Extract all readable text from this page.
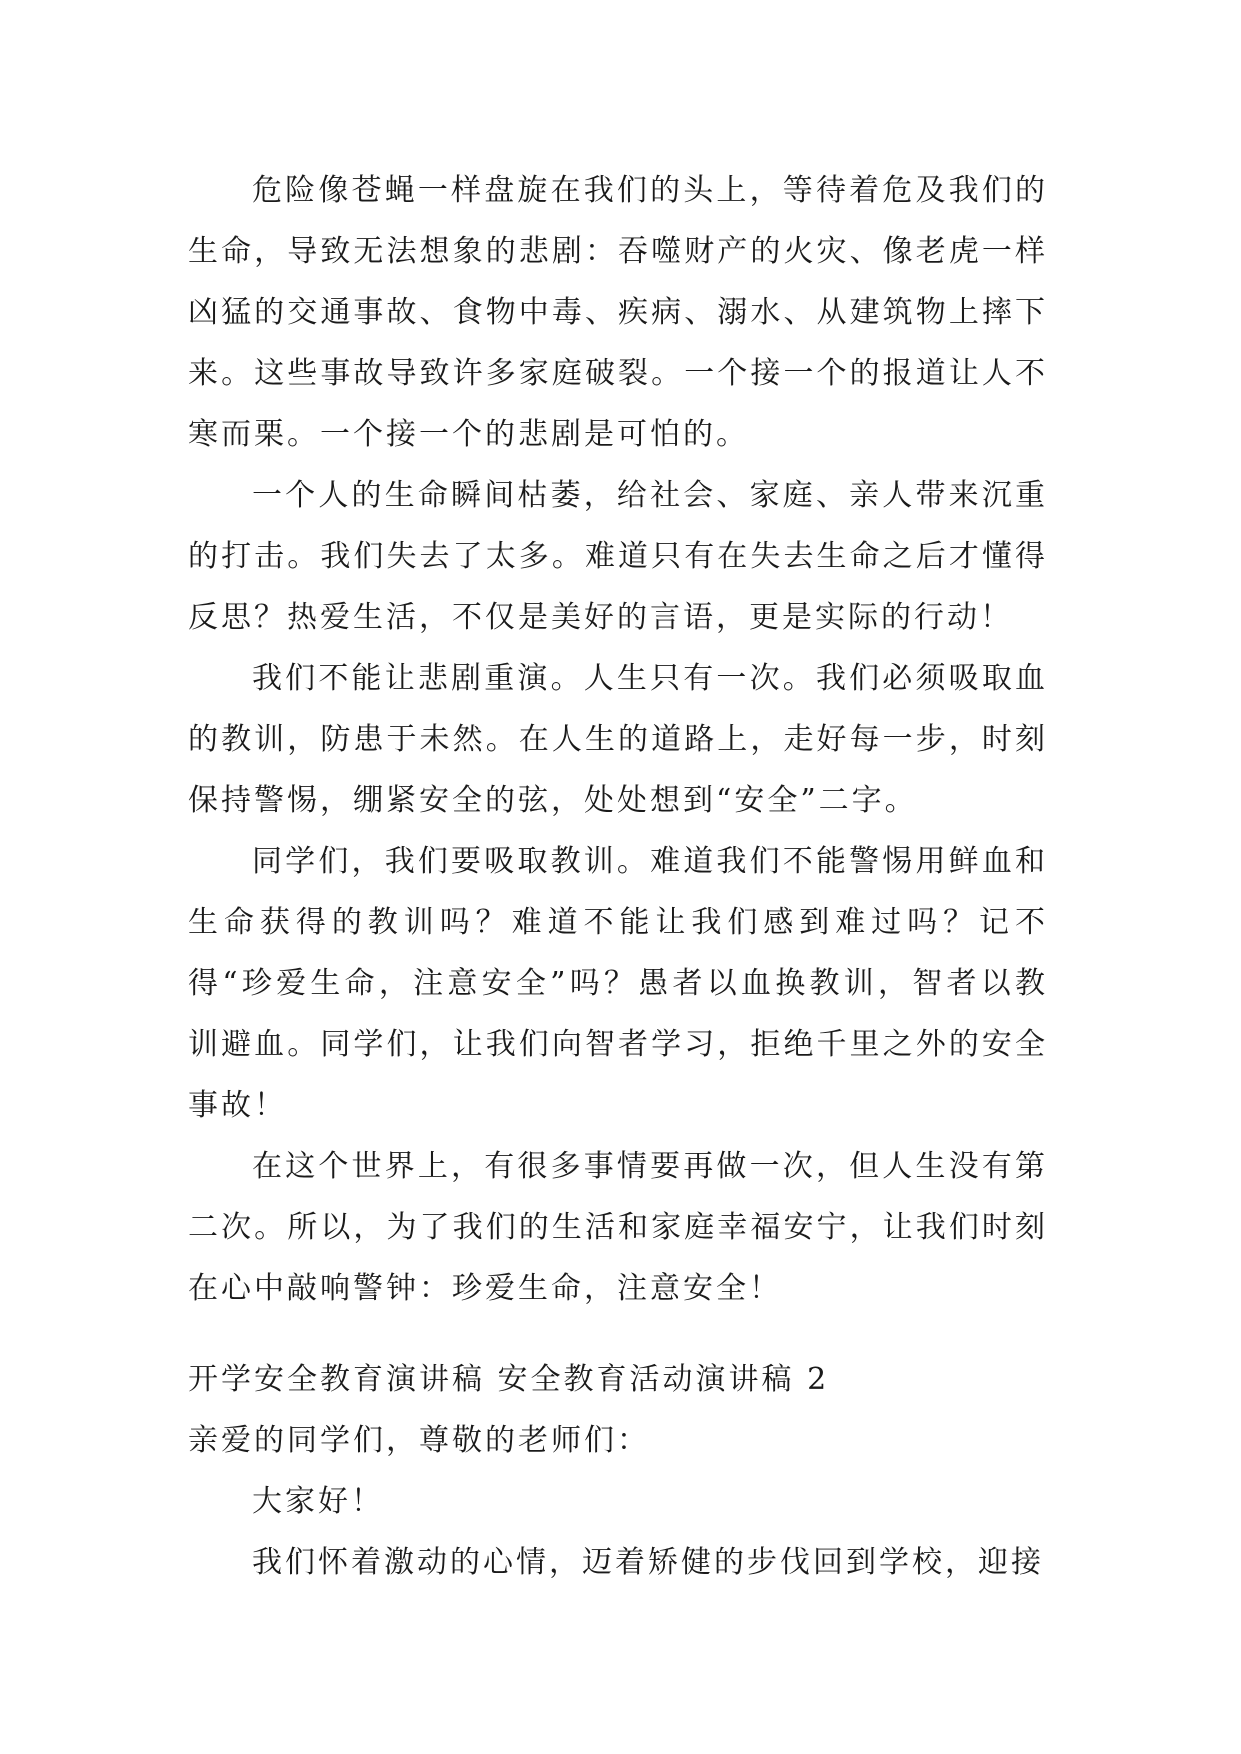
危险像苍蝇一样盘旋在我们的头上，等待着危及我们的生命，导致无法想象的悲剧：吞噬财产的火灾、像老虎一样凶猛的交通事故、食物中毒、疾病、溺水、从建筑物上摔下来。这些事故导致许多家庭破裂。一个接一个的报道让人不寒而栗。一个接一个的悲剧是可怕的。

一个人的生命瞬间枯萎，给社会、家庭、亲人带来沉重的打击。我们失去了太多。难道只有在失去生命之后才懂得反思？热爱生活，不仅是美好的言语，更是实际的行动！

我们不能让悲剧重演。人生只有一次。我们必须吸取血的教训，防患于未然。在人生的道路上，走好每一步，时刻保持警惕，绷紧安全的弦，处处想到“安全”二字。

同学们，我们要吸取教训。难道我们不能警惕用鲜血和生命获得的教训吗？难道不能让我们感到难过吗？记不得“珍爱生命，注意安全”吗？愚者以血换教训，智者以教训避血。同学们，让我们向智者学习，拒绝千里之外的安全事故！

在这个世界上，有很多事情要再做一次，但人生没有第二次。所以，为了我们的生活和家庭幸福安宁，让我们时刻在心中敲响警钟：珍爱生命，注意安全！

开学安全教育演讲稿 安全教育活动演讲稿 2

亲爱的同学们，尊敬的老师们：

大家好！

我们怀着激动的心情，迈着矫健的步伐回到学校，迎接
